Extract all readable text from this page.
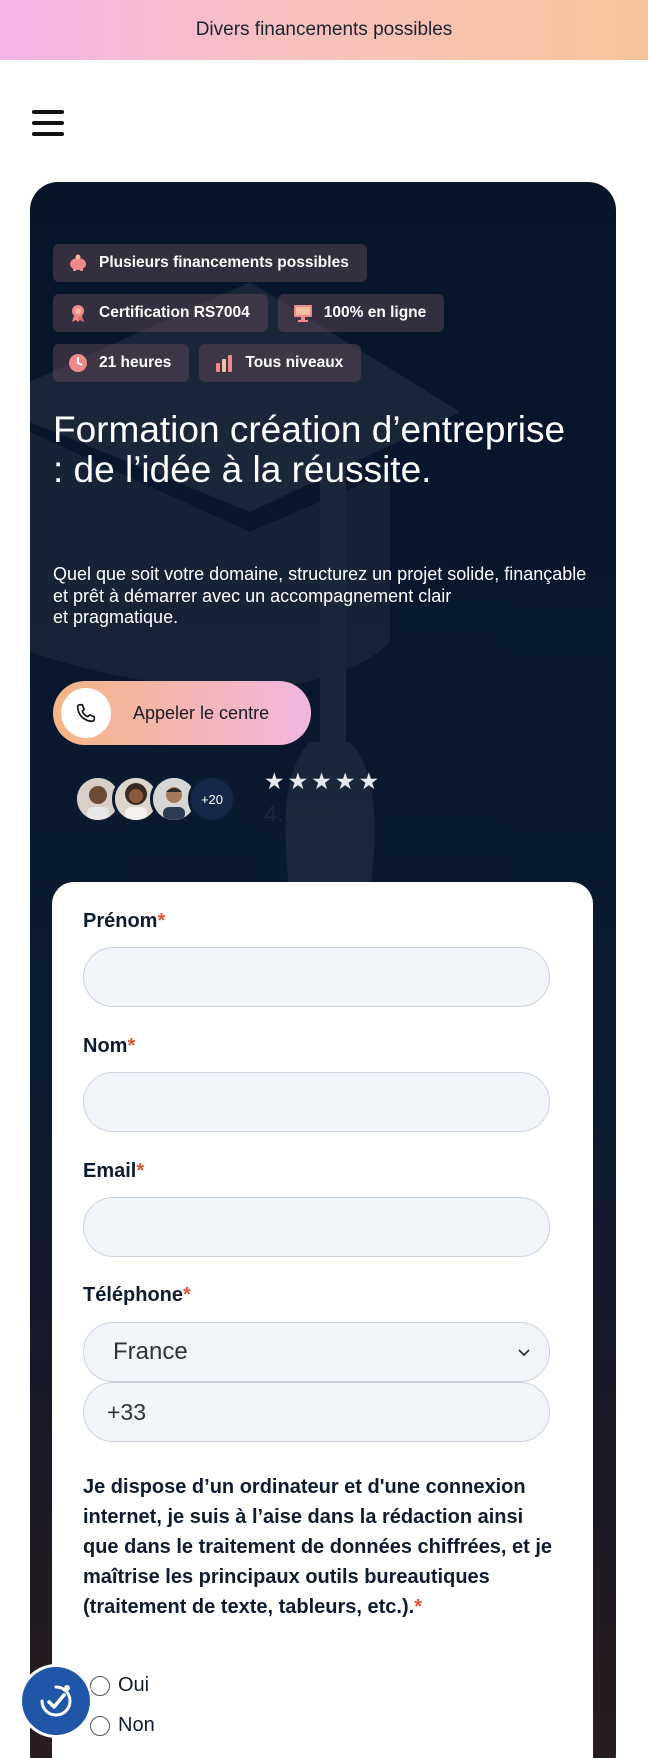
Divers financements possibles
Plusieurs financements possibles
Certification RS7004	100% en ligne
21 heures	Tous niveaux
Formation création d’entreprise : de l’idée à la réussite.

Quel que soit votre domaine, structurez un projet solide, finançable et prêt à démarrer avec un accompagnement clair
et pragmatique.

Appeler le centre
+20
★ ★ ★ ★ ★
4.8 sur 5
Prénom*
Nom*
Email*
Téléphone*
France
+33

Je dispose d’un ordinateur et d'une connexion internet, je suis à l’aise dans la rédaction ainsi que dans le traitement de données chiffrées, et je maîtrise les principaux outils bureautiques (traitement de texte, tableurs, etc.).*

Oui
Non
